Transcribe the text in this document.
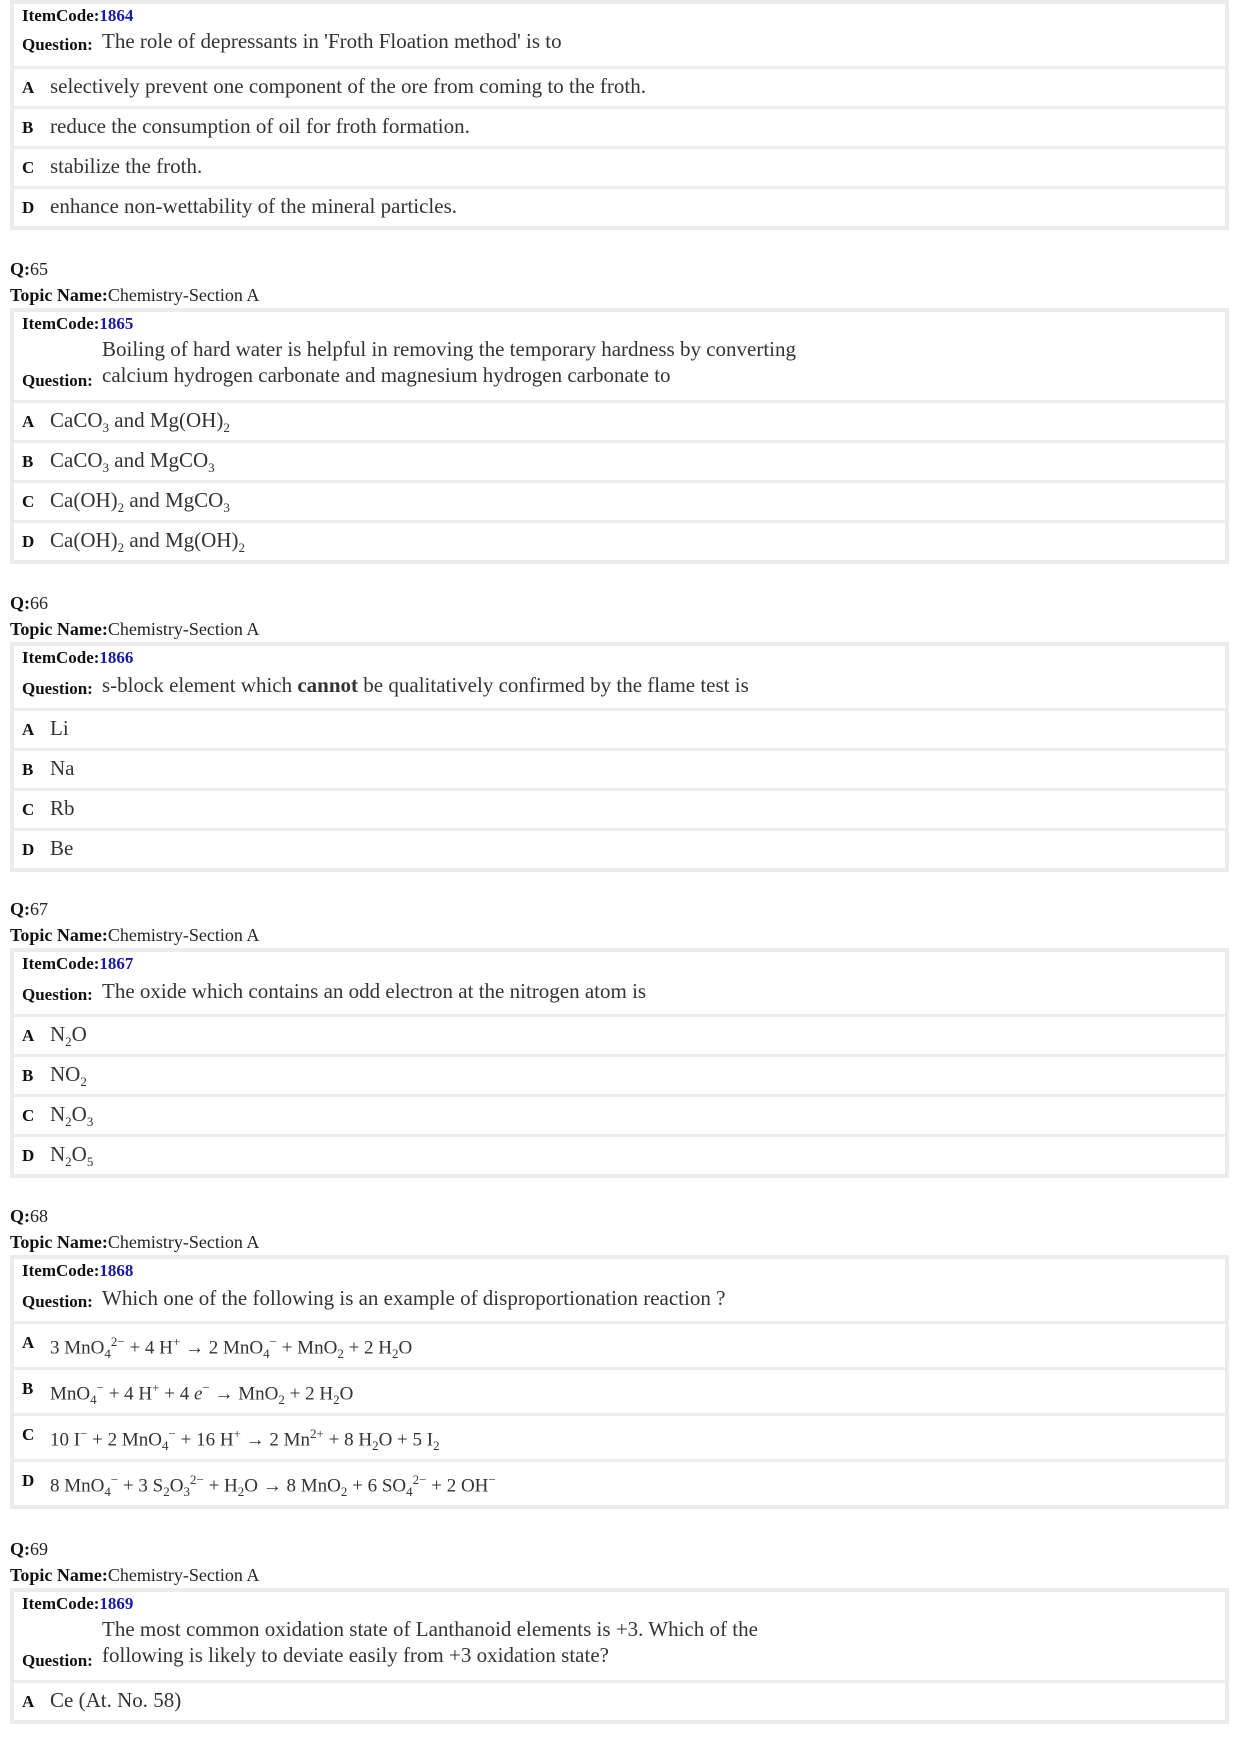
ItemCode:1864
Question: The role of depressants in 'Froth Floation method' is to
A selectively prevent one component of the ore from coming to the froth.
B reduce the consumption of oil for froth formation.
C stabilize the froth.
D enhance non-wettability of the mineral particles.
Q:65
Topic Name:Chemistry-Section A
ItemCode:1865
Boiling of hard water is helpful in removing the temporary hardness by converting
Question: calcium hydrogen carbonate and magnesium hydrogen carbonate to
A CaCO$_3$ and $Mg(OH)_2$
B CaCO$_3$ and MgCO$_3$
C $Ca(OH)_2$ and MgCO$_3$
D $Ca(OH)_2$ and $Mg(OH)_2$
Q:66
Topic Name:Chemistry-Section A
ItemCode:1866
Question: s-block element which cannot be qualitatively confirmed by the flame test is
A Li
B Na
C Rb
D Be
Q:67
Topic Name:Chemistry-Section A
ItemCode:1867
Question: The oxide which contains an odd electron at the nitrogen atom is
A $N_2O$
B $NO_2$
C $N_2O_3$
D $N_2O_5$
Q:68
Topic Name:Chemistry-Section A
ItemCode:1868
Question: Which one of the following is an example of disproportionation reaction ?
A 3 MnO$_4^{2-}$ + 4 H+ → 2 MnO$_4$− + MnO$_2$ + 2 $H_2O$
B MnO$_4$− + 4 H+ + 4 e− → MnO$_2$ + 2 $H_2O$
C 10 I− + 2 MnO$_4$− + 16 H+ → 2 $Mn^{2+} + 8$ $H_2O + 5$ $I_2$
D 8 MnO$_4$− + 3 $S_2O_3^{2-} + H_2O \to 8$ MnO$_2$ + 6 $SO_4^{2-} + 2$ OH−
Q:69
Topic Name:Chemistry-Section A
ItemCode:1869
The most common oxidation state of Lanthanoid elements is +3. Which of the
Question: following is likely to deviate easily from +3 oxidation state?
A Ce (At. No. 58)
